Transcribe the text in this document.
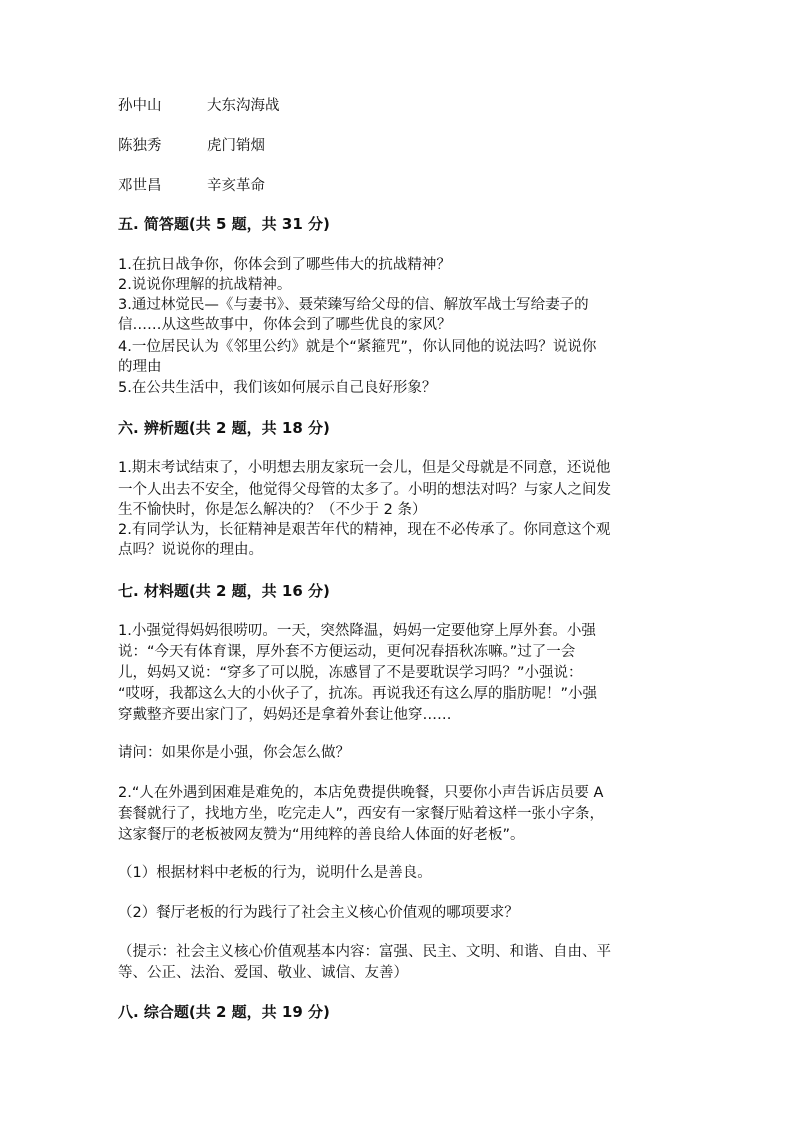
孙中山	大东沟海战
陈独秀	虎门销烟
邓世昌	辛亥革命
五. 简答题(共 5 题，共 31 分)
1.在抗日战争你，你体会到了哪些伟大的抗战精神？
2.说说你理解的抗战精神。
3.通过林觉民—《与妻书》、聂荣臻写给父母的信、解放军战士写给妻子的
信……从这些故事中，你体会到了哪些优良的家风？
4.一位居民认为《邻里公约》就是个“紧箍咒”，你认同他的说法吗？说说你
的理由
5.在公共生活中，我们该如何展示自己良好形象？
六. 辨析题(共 2 题，共 18 分)
1.期末考试结束了，小明想去朋友家玩一会儿，但是父母就是不同意，还说他
一个人出去不安全，他觉得父母管的太多了。小明的想法对吗？与家人之间发
生不愉快时，你是怎么解决的？（不少于 2 条）
2.有同学认为，长征精神是艰苦年代的精神，现在不必传承了。你同意这个观
点吗？说说你的理由。
七. 材料题(共 2 题，共 16 分)
1.小强觉得妈妈很唠叨。一天，突然降温，妈妈一定要他穿上厚外套。小强
说：“今天有体育课，厚外套不方便运动，更何况春捂秋冻嘛。”过了一会
儿，妈妈又说：“穿多了可以脱，冻感冒了不是要耽误学习吗？”小强说：
“哎呀，我都这么大的小伙子了，抗冻。再说我还有这么厚的脂肪呢！”小强
穿戴整齐要出家门了，妈妈还是拿着外套让他穿……
请问：如果你是小强，你会怎么做？
2.“人在外遇到困难是难免的，本店免费提供晚餐，只要你小声告诉店员要 A
套餐就行了，找地方坐，吃完走人”，西安有一家餐厅贴着这样一张小字条，
这家餐厅的老板被网友赞为“用纯粹的善良给人体面的好老板”。
（1）根据材料中老板的行为，说明什么是善良。
（2）餐厅老板的行为践行了社会主义核心价值观的哪项要求？
（提示：社会主义核心价值观基本内容：富强、民主、文明、和谐、自由、平
等、公正、法治、爱国、敬业、诚信、友善）
八. 综合题(共 2 题，共 19 分)
